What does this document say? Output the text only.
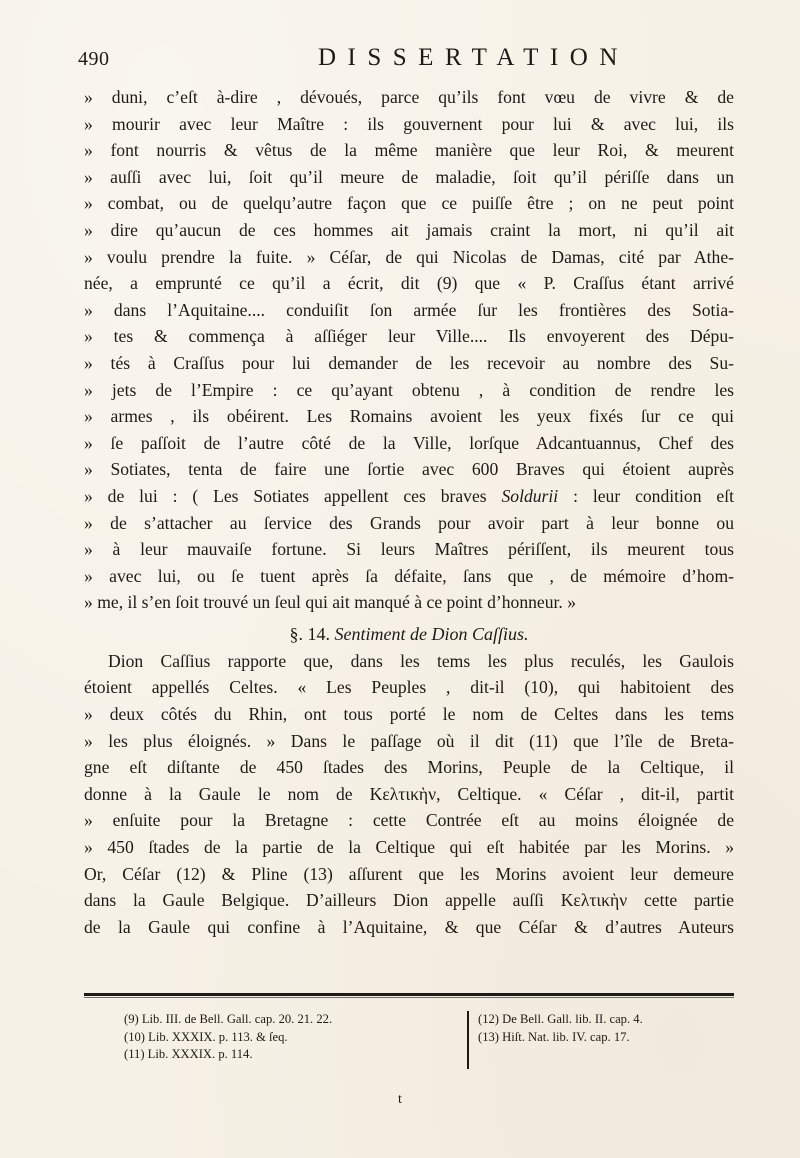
490	DISSERTATION
» duni, c’eſt à-dire , dévoués, parce qu’ils font vœu de vivre & de
» mourir avec leur Maître : ils gouvernent pour lui & avec lui, ils
» font nourris & vêtus de la même manière que leur Roi, & meurent
» auſſi avec lui, ſoit qu’il meure de maladie, ſoit qu’il périſſe dans un
» combat, ou de quelqu’autre façon que ce puiſſe être ; on ne peut point
» dire qu’aucun de ces hommes ait jamais craint la mort, ni qu’il ait
» voulu prendre la fuite. » Céſar, de qui Nicolas de Damas, cité par Athe-
née, a emprunté ce qu’il a écrit, dit (9) que « P. Craſſus étant arrivé
» dans l’Aquitaine.... conduiſit ſon armée ſur les frontières des Sotia-
» tes & commença à aſſiéger leur Ville.... Ils envoyerent des Dépu-
» tés à Craſſus pour lui demander de les recevoir au nombre des Su-
» jets de l’Empire : ce qu’ayant obtenu , à condition de rendre les
» armes , ils obéirent. Les Romains avoient les yeux fixés ſur ce qui
» ſe paſſoit de l’autre côté de la Ville, lorſque Adcantuannus, Chef des
» Sotiates, tenta de faire une ſortie avec 600 Braves qui étoient auprès
» de lui : ( Les Sotiates appellent ces braves Soldurii : leur condition eſt
» de s’attacher au ſervice des Grands pour avoir part à leur bonne ou
» à leur mauvaiſe fortune. Si leurs Maîtres périſſent, ils meurent tous
» avec lui, ou ſe tuent après ſa défaite, ſans que , de mémoire d’hom-
» me, il s’en ſoit trouvé un ſeul qui ait manqué à ce point d’honneur. »
§. 14. Sentiment de Dion Caſſius.
Dion Caſſius rapporte que, dans les tems les plus reculés, les Gaulois
étoient appellés Celtes. « Les Peuples , dit-il (10), qui habitoient des
» deux côtés du Rhin, ont tous porté le nom de Celtes dans les tems
» les plus éloignés. » Dans le paſſage où il dit (11) que l’île de Breta-
gne eſt diſtante de 450 ſtades des Morins, Peuple de la Celtique, il
donne à la Gaule le nom de Κελτικὴν, Celtique. « Céſar , dit-il, partit
» enſuite pour la Bretagne : cette Contrée eſt au moins éloignée de
» 450 ſtades de la partie de la Celtique qui eſt habitée par les Morins. »
Or, Céſar (12) & Pline (13) aſſurent que les Morins avoient leur demeure
dans la Gaule Belgique. D’ailleurs Dion appelle auſſi Κελτικὴν cette partie
de la Gaule qui confine à l’Aquitaine, & que Céſar & d’autres Auteurs
(9) Lib. III. de Bell. Gall. cap. 20. 21. 22.
(10) Lib. XXXIX. p. 113. & ſeq.
(11) Lib. XXXIX. p. 114.
(12) De Bell. Gall. lib. II. cap. 4.
(13) Hiſt. Nat. lib. IV. cap. 17.
t
